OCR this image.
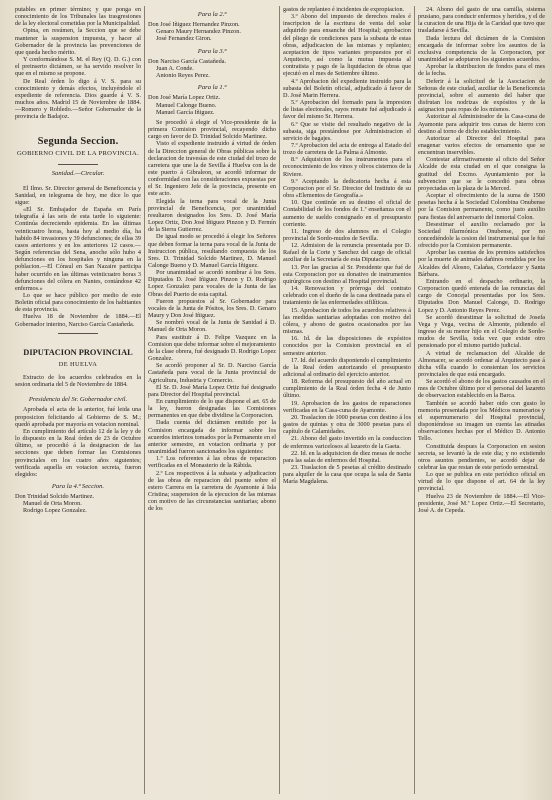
putables en primer término; y que ponga en conocimiento de los Tribunales las trasgresiones de la ley electoral cometidas por la Municipalidad.

Opina, en resúmen, la Seccion que se debe mantener la suspension impuesta, y hacer al Gobernador de la provincia las prevenciones de que queda hecho mérito.

Y conformándose S. M. el Rey (Q. D. G.) con el preinserto dictámen, se ha servido resolver lo que en el mismo se propone.

De Real órden lo digo á V. S. para su conocimiento y demás efectos, incluyéndole el expediente de referencia. Dios guarde á V. S. muchos años. Madrid 15 de Noviembre de 1884.—Romero y Robledo.—Señor Gobernador de la provincia de Badajoz.

Segunda Seccion.
GOBIERNO CIVIL DE LA PROVINCIA.
Sanidad.—Circular.

El Ilmo. Sr. Director general de Beneficencia y Sanidad, en telegrama de hoy, me dice lo que sigue:

«El Sr. Embajador de España en París telegrafía á las seis de esta tarde lo siguiente: Continúa decreciendo epidemia. En las últimas veinticuatro horas, hasta hoy al medio día, ha habido 84 invasiones y 39 defunciones; de ellas 39 casos anteriores y en los anteriores 12 casos.—Según referencias del Sena, anoche sólo hubo 4 defunciones en los hospitales y ninguna en la poblacion.—El Cónsul en San Nazaire participa haber ocurrido en las últimas veinticuatro horas 3 defunciones del cólera en Nantes, contándose 42 enfermos.»

Lo que se hace público por medio de este Boletin oficial para conocimiento de los habitantes de esta provincia.

Huelva 18 de Noviembre de 1884.—El Gobernador interino, Narciso García Castañeda.

DIPUTACION PROVINCIAL
DE HUELVA

Extracto de los acuerdos celebrados en la sesion ordinaria del 5 de Noviembre de 1884.

Presidencia del Sr. Gobernador civil.

Aprobada el acta de la anterior, fué leida una proposicion felicitando al Gobierno de S. M.; quedó aprobada por mayoría en votacion nominal.

En cumplimiento del artículo 12 de la ley y de lo dispuesto en la Real órden de 23 de Octubre último, se procedió á la designacion de las secciones que deben formar las Comisiones provinciales en los cuatro años siguientes; verificada aquella en votacion secreta, fueron elegidos:

Para la 4.ª Seccion.

Don Trinidad Solcido Martinez.

Manuel de Orta Moron.

Rodrigo Lopez Gonzalez.

Para la 2.ª

Don José Iñiguez Hernandez Pinzon.

Genaro Maury Hernandez Pinzon.

José Fernandez Giron.

Para la 3.ª

Don Narciso García Castañeda.

Juan A. Conde.

Antonio Reyes Perez.

Para la 1.ª

Don José María Lopez Ortiz.

Manuel Calonge Bueno.

Manuel García Iñiguez.

Se procedió á elegir el Vice-presidente de la primera Comision provincial, recayendo dicho cargo en favor de D. Trinidad Solcido Martinez.

Visto el expediente instruido á virtud de órden de la Direccion general de Obras públicas sobre la declaracion de travesías de este ciudad del trozo de carretera que une la de Sevilla á Huelva con la de este puerto á Gibraleon, se acordó informar de conformidad con las consideraciones expuestas por el Sr. Ingeniero Jefe de la provincia, presente en este acto.

Elegida la terna para vocal de la Junta provincial de Beneficencia, por unanimidad resultaron designados los Sres. D. José María Lopez Ortiz, Don José Iñiguez Pinzon y D. Fermín de la Sierra Gutierrez.

De igual modo se procedió á elegir los Señores que deben formar la terna para vocal de la Junta de Instruccion pública, resultando compuesta de los Sres. D. Trinidad Solcido Martinez, D. Manuel Calonge Bueno y D. Manuel García Iñiguez.

Por unanimidad se acordó nombrar á los Sres. Diputados D. José Iñiguez Pinzon y D. Rodrigo Lopez Gonzalez para vocales de la Junta de las Obras del Puerto de esta capital.

Fueron propuestos al Sr. Gobernador para vocales de la Junta de Pósitos, los Sres. D. Genaro Maury y Don José Iñiguez.

Se nombró vocal de la Junta de Sanidad á D. Manuel de Orta Moron.

Para sustituir á D. Felipe Vazquez en la Comision que debe informar sobre el mejoramiento de la clase obrera, fué designado D. Rodrigo Lopez Gonzalez.

Se acordó proponer al Sr. D. Narciso García Castañeda para vocal de la Junta provincial de Agricultura, Industria y Comercio.

El Sr. D. José María Lopez Ortiz fué designado para Director del Hospital provincial.

En cumplimiento de lo que dispone el art. 65 de la ley, fueron designadas las Comisiones permanentes en que debe dividirse la Corporacion.

Dada cuenta del dictámen emitido por la Comision encargada de informar sobre los acuerdos interinos tomados por la Permanente en el anterior semestre, en votacion ordinaria y por unanimidad fueron sancionados los siguientes:

1.º Los referentes á las obras de reparacion verificadas en el Monasterio de la Rábida.

2.º Los respectivos á la subasta y adjudicacion de las obras de reparacion del puente sobre el estero Carrera en la carretera de Ayamonte á Isla Cristina; suspension de la ejecucion de las mismas con motivo de las circunstancias sanitarias; abono de los

gastos de replanteo é incidentes de expropiacion.

3.º Abono del impuesto de derechos reales é inscripcion de la escritura de venta del solar adquirido para ensanche del Hospital; aprobacion del pliego de condiciones para la subasta de estas obras, adjudicacion de las mismas y replanteo; aceptacion de tipos variantes propuestos por el Arquitecto, así como la mutua impuesta al contratista y pago de la liquidacion de obras que ejecutó en el mes de Setiembre último.

4.º Aprobacion del expediente instruido para la subasta del Boletín oficial, adjudicado á favor de D. José Marin Herrera.

5.º Aprobacion del formado para la impresion de listas electorales, rayos remate fué adjudicado á favor del mismo Sr. Herrera.

6.º Que se visite del resultado negativo de la subasta, siga prestándose por Administracion el servicio de bagajes.

7.º Aprobacion del acta de entrega al Estado del trozo de carretera de La Palma á Almonte.

8.º Adquisicion de los instrumentos para el reconocimiento de los vinos y olivos cisternos de la Riviere.

9.º Aceptando la dedicatoria hecha á esta Corporacion por el Sr. Director del Instituto de su obra «Elementos de Geografía.»

10. Que continúe en su destino el oficial de Contabilidad de los fondos de 1.ª enseñanza con el aumento de sueldo consignado en el presupuesto corriente.

11. Ingreso de dos alumnos en el Colegio provincial de Sordo-mudos de Sevilla.

12. Admision de la renuncia presentada por D. Rafael de la Corte y Sanchez del cargo de oficial auxiliar de la Secretaría de esta Diputacion.

13. Por las gracias al Sr. Presidente que fué de esta Corporacion por su donativo de instrumentos quirúrgicos con destino al Hospital provincial.

14. Renovacion y prórroga del contrato celebrado con el dueño de la casa destinada para el tratamiento de las enfermedades sifilíticas.

15. Aprobacion de todos los acuerdos relativos á las medidas sanitarias adoptadas con motivo del cólera, y abono de gastos ocasionados por las mismas.

16. Id. de las disposiciones de expósitos conocidos por la Comision provincial en el semestre anterior.

17. Id. del acuerdo disponiendo el cumplimiento de la Real órden autorizando el presupuesto adicional al ordinario del ejercicio anterior.

18. Reforma del presupuesto del año actual en cumplimiento de la Real órden fecha 4 de Junio último.

19. Aprobacion de los gastos de reparaciones verificadas en la Casa-cuna de Ayamonte.

20. Traslacion de 1000 pesetas con destino á los gastos de quintas y otra de 3000 pesetas para el capítulo de Calamidades.

21. Abono del gasto invertido en la conduccion de enfermos varicelosos al lazareto de la Gaeta.

22. Id. en la adquisicion de diez mesas de noche para las salas de enfermos del Hospital.

23. Traslacion de 5 pesetas al crédito destinado para alquiler de la casa que ocupa la sala de Santa María Magdalena.

24. Abono del gasto de una camilla, sistema prusiano, para conducir enfermos y heridos, y el de la curacion de una Hija de la Caridad que tuvo que trasladarse á Sevilla.

Dada lectura del dictámen de la Comision encargada de informar sobre los asuntos de la exclusiva competencia de la Corporacion, por unanimidad se adoptaron los siguientes acuerdos.

Aprobar la distribucion de fondos para el mes de la fecha.

Deferir á la solicitud de la Asociacion de Señoras de este ciudad, auxiliar de la Beneficencia provincial, sobre el aumento del haber que disfrutan los nodrizas de expósitos y de la asignacion para ropas de los mismos.

Autorizar al Administrador de la Casa-cuna de Ayamonte para adquirir tres cunas de hierro con destino al torno de dicho establecimiento.

Autorizar al Director del Hospital para enagenar varios efectos de ornamento que se encuentran inservibles.

Contestar afirmativamente al oficio del Señor Alcalde de esta ciudad en el que consigna la gratitud del Excmo. Ayuntamiento por la subvencion que se le concedió para obras proyectadas en la plaza de la Merced.

Aceptar el ofrecimiento de la suma de 1500 pesetas hecha á la Sociedad Colombina Onubense por la Comision permanente, como justo auxilio para fiestas del aniversario del inmortal Colon.

Desestimar el auxilio reclamado por la Sociedad filarmónica Onubense, por no concediéndole la cesion del instrumental que le fué ofrecido por la Comision permanente.

Aprobar las cuentas de los premios satisfechos por la muerte de animales dañinos rendidas por los Alcaldes del Alosno, Calañas, Cortelazor y Santa Bárbara.

Entrando en el despacho ordinario, la Corporacion quedó enterada de las renuncias del cargo de Concejal presentadas por los Sres. Diputados Don Manuel Calonge, D. Rodrigo Lopez y D. Antonio Reyes Perez.

Se acordó desestimar la solicitud de Josefa Vega y Vega, vecina de Almonte, pidiendo el ingreso de su menor hijo en el Colegio de Sordo-mudos de Sevilla, toda vez que existe otro pensionado por el mismo partido judicial.

A virtud de reclamacion del Alcalde de Almonacer, se acordó ordenar al Arquitecto pase á dicha villa cuando lo consientan los servicios provinciales de que está encargado.

Se acordó el abono de los gastos causados en el mes de Octubre último por el personal del lazareto de observacion establecido en la Barca.

También se acordó haber oido con gusto lo memoria presentada por los Médicos numerarios y el supernumerario del Hospital provincial, disponiéndose su imagen un cuenta las atinadas observaciones hechas por el Médico D. Antonio Tello.

Constituida despues la Corporacion en sesion secreta, se levantó la de este dia; y no existiendo otros asuntos pendientes, se acordó dejar de celebrar las que restan de este período semestral.

Lo que se publica en este periódico oficial en virtud de lo que dispone el art. 64 de la ley provincial.

Huelva 23 de Noviembre de 1884.—El Vice-presidente, José M.ª Lopez Ortiz.—El Secretario, José A. de Cepeda.
